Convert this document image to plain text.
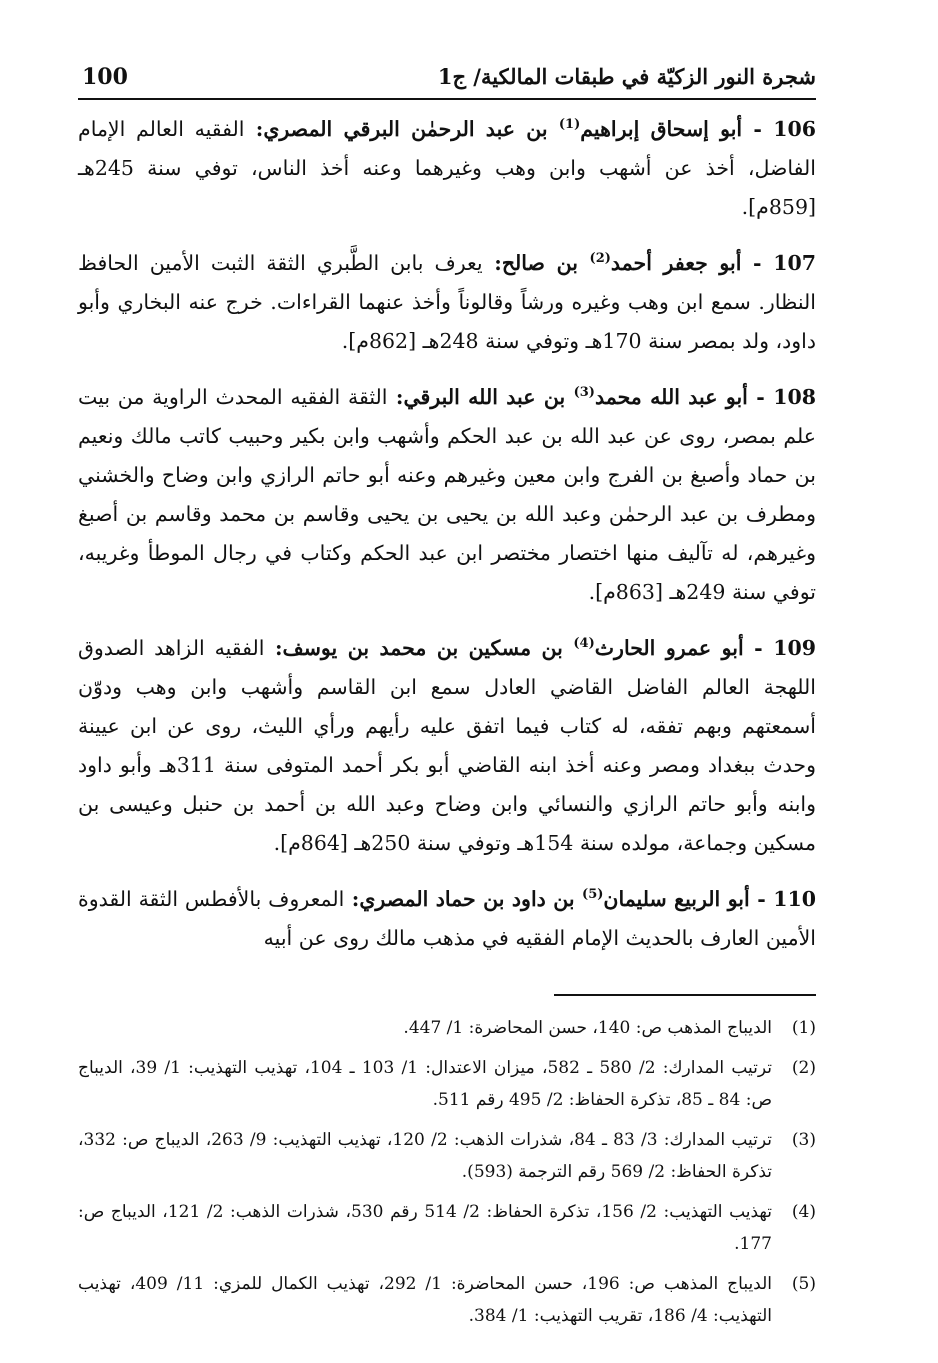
شجرة النور الزكيّة في طبقات المالكية/ ج1
100

106 - أبو إسحاق إبراهيم$^{(1)}$ بن عبد الرحمٰن البرقي المصري: الفقيه العالم الإمام الفاضل، أخذ عن أشهب وابن وهب وغيرهما وعنه أخذ الناس، توفي سنة 245هـ [859م].

107 - أبو جعفر أحمد$^{(2)}$ بن صالح: يعرف بابن الطَّبري الثقة الثبت الأمين الحافظ النظار. سمع ابن وهب وغيره ورشاً وقالوناً وأخذ عنهما القراءات. خرج عنه البخاري وأبو داود، ولد بمصر سنة 170هـ وتوفي سنة 248هـ [862م].

108 - أبو عبد الله محمد$^{(3)}$ بن عبد الله البرقي: الثقة الفقيه المحدث الراوية من بيت علم بمصر، روى عن عبد الله بن عبد الحكم وأشهب وابن بكير وحبيب كاتب مالك ونعيم بن حماد وأصبغ بن الفرج وابن معين وغيرهم وعنه أبو حاتم الرازي وابن وضاح والخشني ومطرف بن عبد الرحمٰن وعبد الله بن يحيى بن يحيى وقاسم بن محمد وقاسم بن أصبغ وغيرهم، له تآليف منها اختصار مختصر ابن عبد الحكم وكتاب في رجال الموطأ وغريبه، توفي سنة 249هـ [863م].

109 - أبو عمرو الحارث$^{(4)}$ بن مسكين بن محمد بن يوسف: الفقيه الزاهد الصدوق اللهجة العالم الفاضل القاضي العادل سمع ابن القاسم وأشهب وابن وهب ودوّن أسمعتهم وبهم تفقه، له كتاب فيما اتفق عليه رأيهم ورأي الليث، روى عن ابن عيينة وحدث ببغداد ومصر وعنه أخذ ابنه القاضي أبو بكر أحمد المتوفى سنة 311هـ وأبو داود وابنه وأبو حاتم الرازي والنسائي وابن وضاح وعبد الله بن أحمد بن حنبل وعيسى بن مسكين وجماعة، مولده سنة 154هـ وتوفي سنة 250هـ [864م].

110 - أبو الربيع سليمان$^{(5)}$ بن داود بن حماد المصري: المعروف بالأفطس الثقة القدوة الأمين العارف بالحديث الإمام الفقيه في مذهب مالك روى عن أبيه

(1)
الديباج المذهب ص: 140، حسن المحاضرة: 1/ 447.
(2)
ترتيب المدارك: 2/ 580 ـ 582، ميزان الاعتدال: 1/ 103 ـ 104، تهذيب التهذيب: 1/ 39، الديباج ص: 84 ـ 85، تذكرة الحفاظ: 2/ 495 رقم 511.
(3)
ترتيب المدارك: 3/ 83 ـ 84، شذرات الذهب: 2/ 120، تهذيب التهذيب: 9/ 263، الديباج ص: 332، تذكرة الحفاظ: 2/ 569 رقم الترجمة (593).
(4)
تهذيب التهذيب: 2/ 156، تذكرة الحفاظ: 2/ 514 رقم 530، شذرات الذهب: 2/ 121، الديباج ص: 177.
(5)
الديباج المذهب ص: 196، حسن المحاضرة: 1/ 292، تهذيب الكمال للمزي: 11/ 409، تهذيب التهذيب: 4/ 186، تقريب التهذيب: 1/ 384.
